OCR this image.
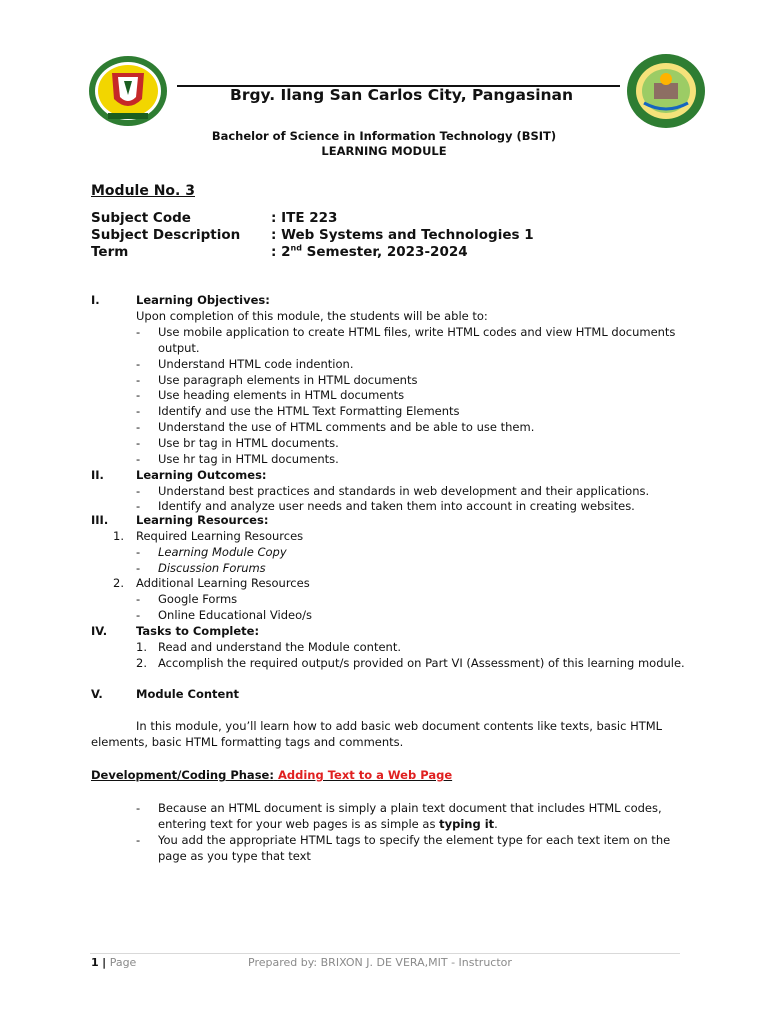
Brgy. Ilang San Carlos City, Pangasinan
Bachelor of Science in Information Technology (BSIT)
LEARNING MODULE
Module No. 3
Subject Code	: ITE 223
Subject Description : Web Systems and Technologies 1
Term	: 2nd Semester, 2023-2024
I.	Learning Objectives:
Upon completion of this module, the students will be able to:
- Use mobile application to create HTML files, write HTML codes and view HTML documents
output.
- Understand HTML code indention.
- Use paragraph elements in HTML documents
- Use heading elements in HTML documents
- Identify and use the HTML Text Formatting Elements
- Understand the use of HTML comments and be able to use them.
- Use br tag in HTML documents.
- Use hr tag in HTML documents.
II.	Learning Outcomes:
- Understand best practices and standards in web development and their applications.
- Identify and analyze user needs and taken them into account in creating websites.
III. Learning Resources:
1. Required Learning Resources
- Learning Module Copy
- Discussion Forums
2. Additional Learning Resources
- Google Forms
- Online Educational Video/s
IV.	Tasks to Complete:
1. Read and understand the Module content.
2. Accomplish the required output/s provided on Part VI (Assessment) of this learning module.
V.	Module Content
In this module, you’ll learn how to add basic web document contents like texts, basic HTML
elements, basic HTML formatting tags and comments.
Development/Coding Phase: Adding Text to a Web Page
- Because an HTML document is simply a plain text document that includes HTML codes,
entering text for your web pages is as simple as typing it.
- You add the appropriate HTML tags to specify the element type for each text item on the
page as you type that text
1 | Page	Prepared by: BRIXON J. DE VERA,MIT - Instructor
